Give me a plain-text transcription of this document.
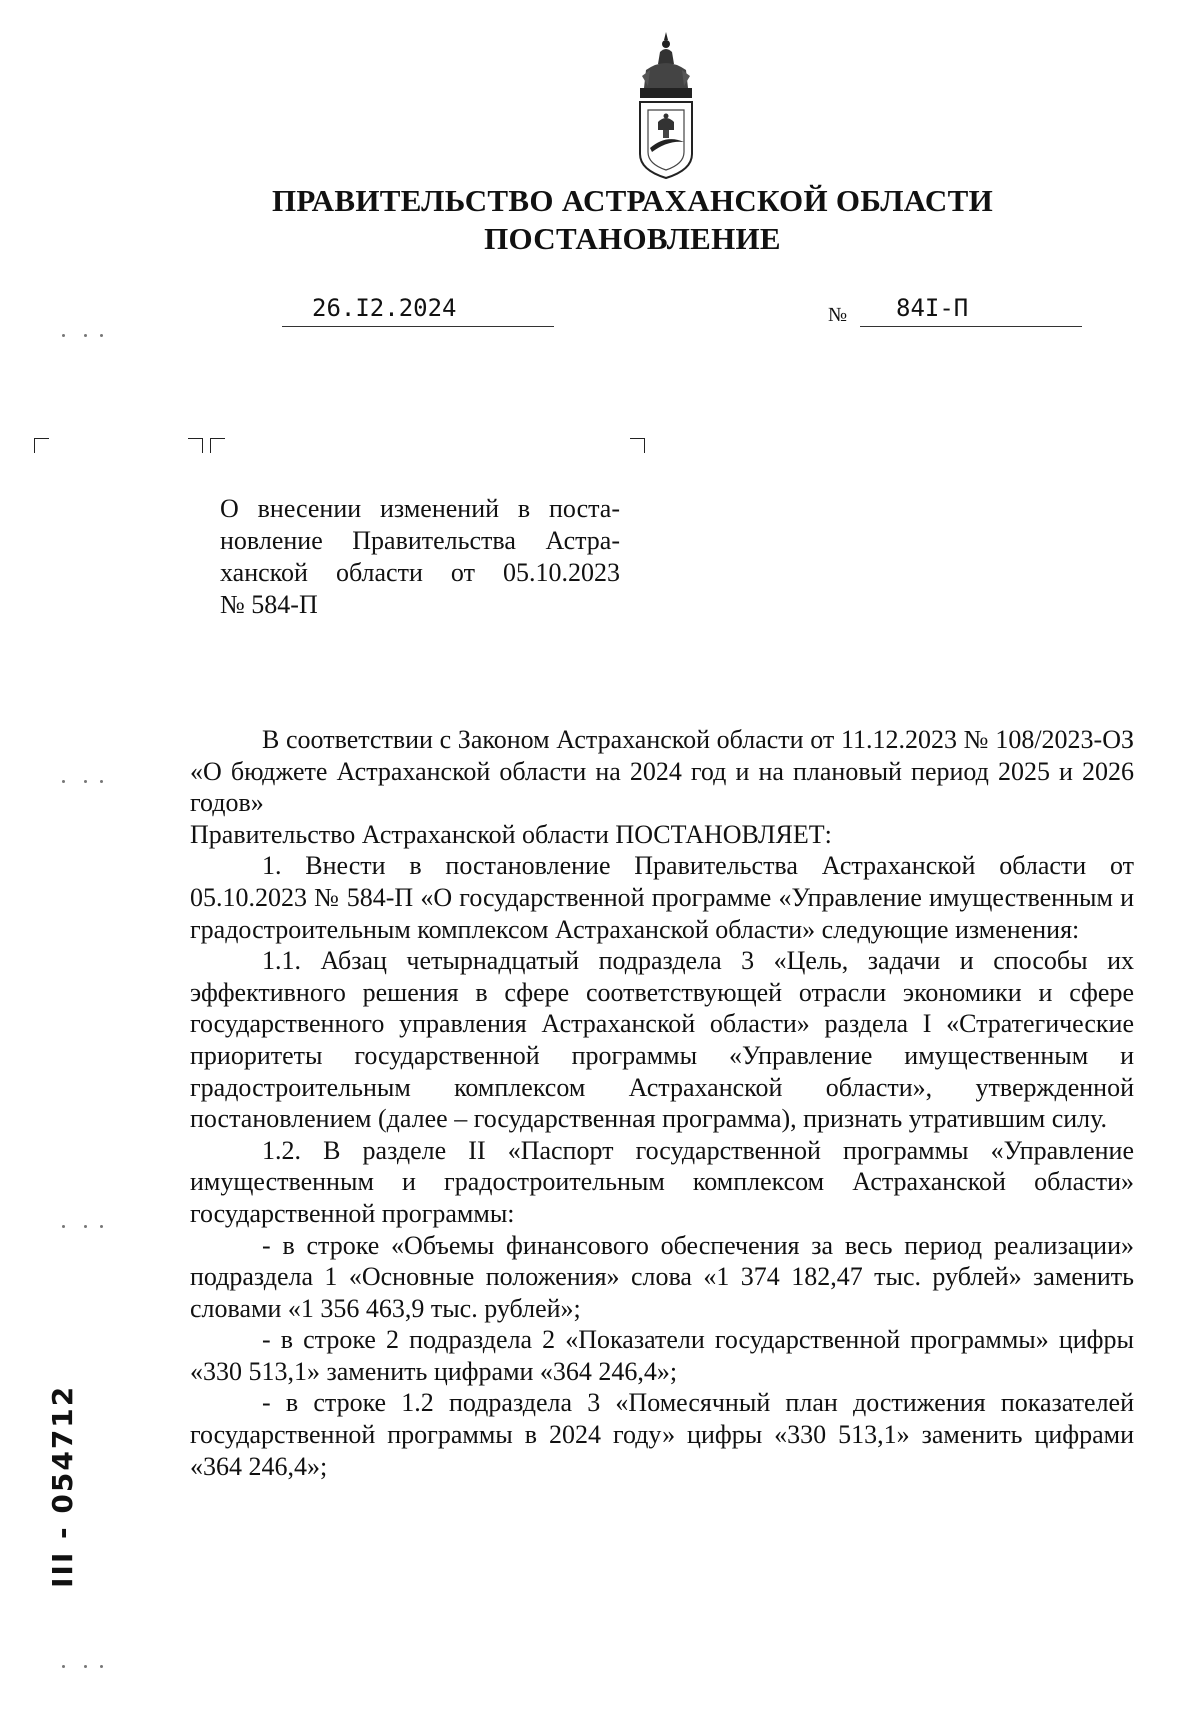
ПРАВИТЕЛЬСТВО АСТРАХАНСКОЙ ОБЛАСТИ
ПОСТАНОВЛЕНИЕ
26.I2.2024	№ 84I-П
О внесении изменений в поста-
новление Правительства Астра-
ханской области от 05.10.2023
№ 584-П

В соответствии с Законом Астраханской области от 11.12.2023 № 108/2023-ОЗ «О бюджете Астраханской области на 2024 год и на плановый период 2025 и 2026 годов»

Правительство Астраханской области ПОСТАНОВЛЯЕТ:

1. Внести в постановление Правительства Астраханской области от 05.10.2023 № 584-П «О государственной программе «Управление имущественным и градостроительным комплексом Астраханской области» следующие изменения:

1.1. Абзац четырнадцатый подраздела 3 «Цель, задачи и способы их эффективного решения в сфере соответствующей отрасли экономики и сфере государственного управления Астраханской области» раздела I «Стратегические приоритеты государственной программы «Управление имущественным и градостроительным комплексом Астраханской области», утвержденной постановлением (далее – государственная программа), признать утратившим силу.

1.2. В разделе II «Паспорт государственной программы «Управление имущественным и градостроительным комплексом Астраханской области» государственной программы:

- в строке «Объемы финансового обеспечения за весь период реализации» подраздела 1 «Основные положения» слова «1 374 182,47 тыс. рублей» заменить словами «1 356 463,9 тыс. рублей»;

- в строке 2 подраздела 2 «Показатели государственной программы» цифры «330 513,1» заменить цифрами «364 246,4»;

- в строке 1.2 подраздела 3 «Помесячный план достижения показателей государственной программы в 2024 году» цифры «330 513,1» заменить цифрами «364 246,4»;

ІІІ - 054712
